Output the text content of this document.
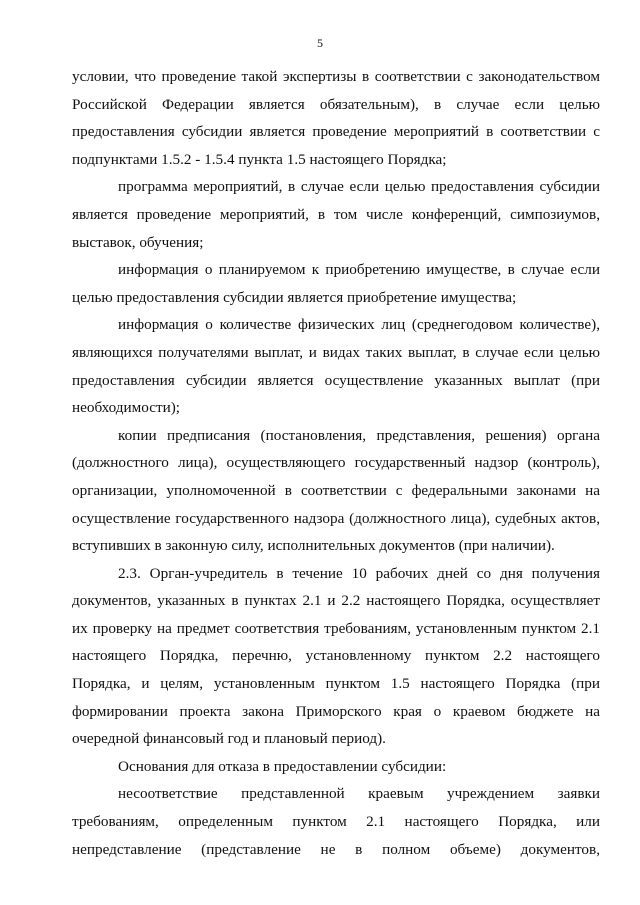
5

условии, что проведение такой экспертизы в соответствии с законодательством Российской Федерации является обязательным), в случае если целью предоставления субсидии является проведение мероприятий в соответствии с подпунктами 1.5.2 - 1.5.4 пункта 1.5 настоящего Порядка;

программа мероприятий, в случае если целью предоставления субсидии является проведение мероприятий, в том числе конференций, симпозиумов, выставок, обучения;

информация о планируемом к приобретению имуществе, в случае если целью предоставления субсидии является приобретение имущества;

информация о количестве физических лиц (среднегодовом количестве), являющихся получателями выплат, и видах таких выплат, в случае если целью предоставления субсидии является осуществление указанных выплат (при необходимости);

копии предписания (постановления, представления, решения) органа (должностного лица), осуществляющего государственный надзор (контроль), организации, уполномоченной в соответствии с федеральными законами на осуществление государственного надзора (должностного лица), судебных актов, вступивших в законную силу, исполнительных документов (при наличии).

2.3. Орган-учредитель в течение 10 рабочих дней со дня получения документов, указанных в пунктах 2.1 и 2.2 настоящего Порядка, осуществляет их проверку на предмет соответствия требованиям, установленным пунктом 2.1 настоящего Порядка, перечню, установленному пунктом 2.2 настоящего Порядка, и целям, установленным пунктом 1.5 настоящего Порядка (при формировании проекта закона Приморского края о краевом бюджете на очередной финансовый год и плановый период).

Основания для отказа в предоставлении субсидии:

несоответствие представленной краевым учреждением заявки требованиям, определенным пунктом 2.1 настоящего Порядка, или непредставление (представление не в полном объеме) документов,
